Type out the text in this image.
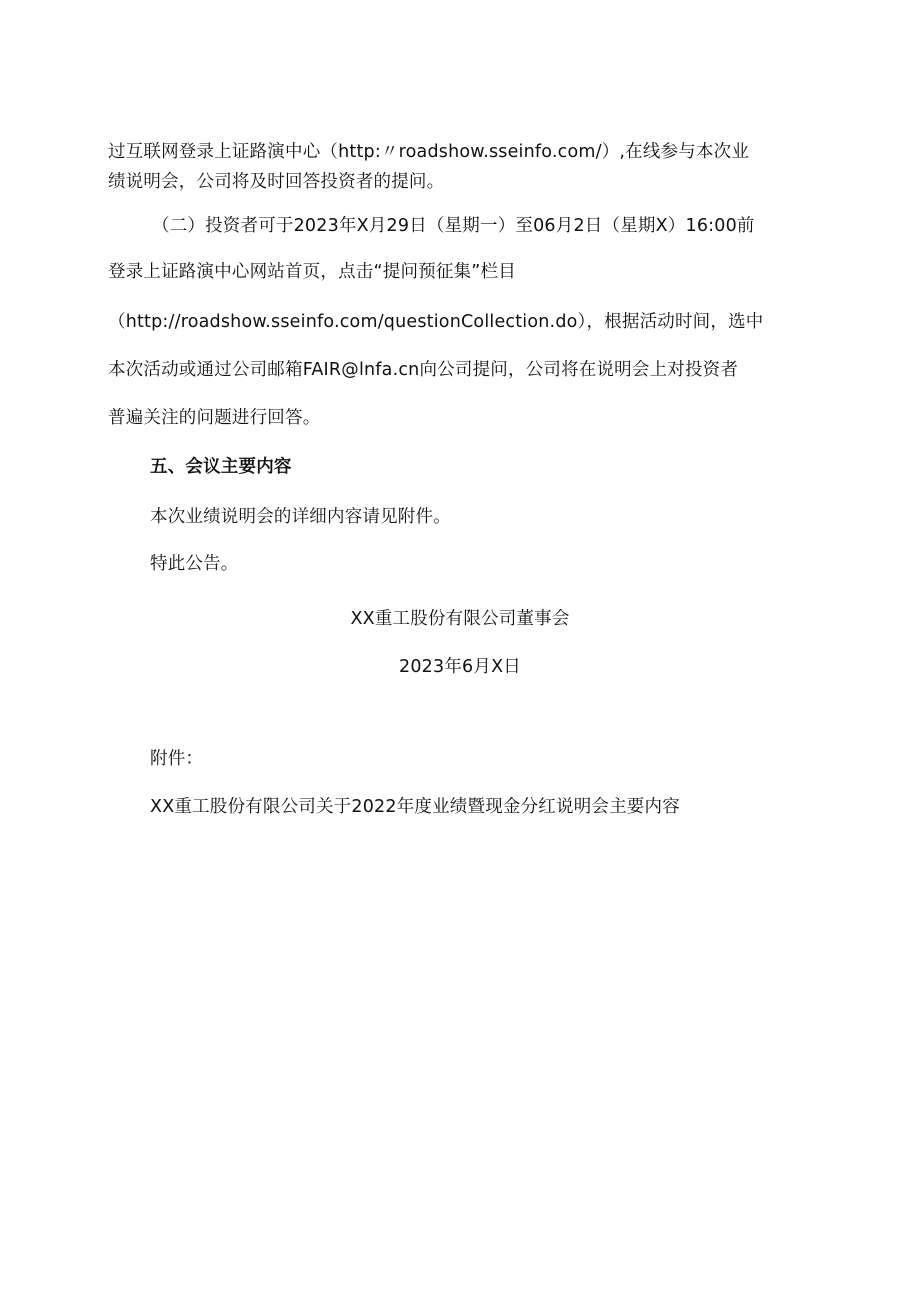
过互联网登录上证路演中心（http:〃roadshow.sseinfo.com/）,在线参与本次业
绩说明会，公司将及时回答投资者的提问。
（二）投资者可于2023年X月29日（星期一）至06月2日（星期X）16:00前
登录上证路演中心网站首页，点击“提问预征集”栏目
（http://roadshow.sseinfo.com/questionCollection.do），根据活动时间，选中
本次活动或通过公司邮箱FAIR@lnfa.cn向公司提问，公司将在说明会上对投资者
普遍关注的问题进行回答。
五、会议主要内容
本次业绩说明会的详细内容请见附件。
特此公告。
XX重工股份有限公司董事会
2023年6月X日
附件：
XX重工股份有限公司关于2022年度业绩暨现金分红说明会主要内容
